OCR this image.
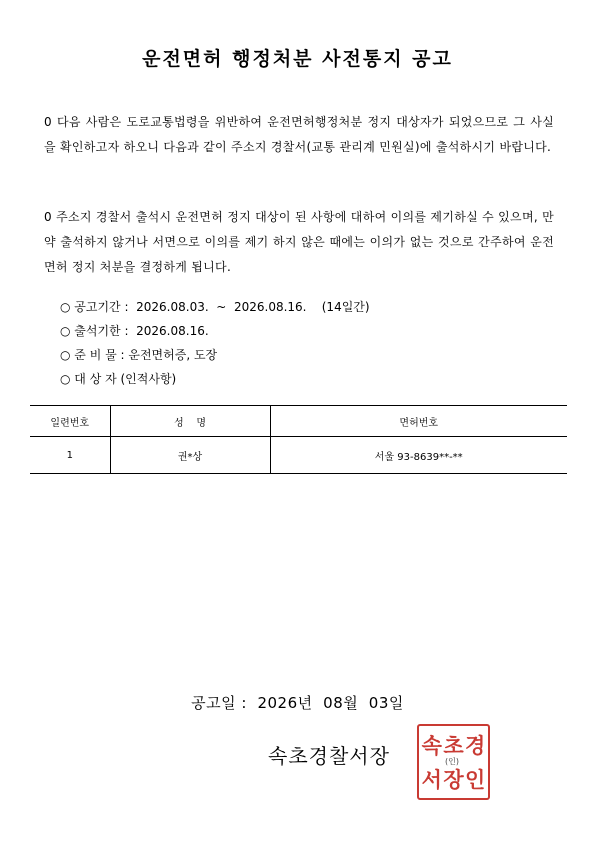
운전면허 행정처분 사전통지 공고
0 다음 사람은 도로교통법령을 위반하여 운전면허행정처분 정지 대상자가 되었으므로 그 사실을 확인하고자 하오니 다음과 같이 주소지 경찰서(교통 관리계 민원실)에 출석하시기 바랍니다.
0 주소지 경찰서 출석시 운전면허 정지 대상이 된 사항에 대하여 이의를 제기하실 수 있으며, 만약 출석하지 않거나 서면으로 이의를 제기 하지 않은 때에는 이의가 없는 것으로 간주하여 운전면허 정지 처분을 결정하게 됩니다.
○ 공고기간 :  2026.08.03.  ~  2026.08.16.    (14일간)
○ 출석기한 :  2026.08.16.
○ 준 비 물 : 운전면허증, 도장
○ 대 상 자 (인적사항)
일련번호	성    명	면허번호
1	권*상	서울 93-8639**-**
공고일 :  2026년  08월  03일
속초경찰서장 속 초 경
서 장 인
(인)
